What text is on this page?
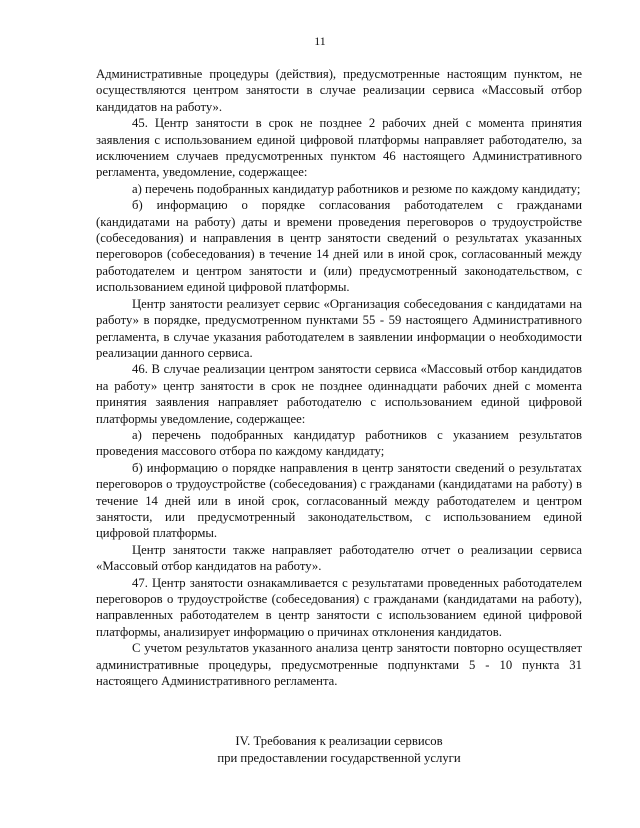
11

Административные процедуры (действия), предусмотренные настоящим пунктом, не осуществляются центром занятости в случае реализации сервиса «Массовый отбор кандидатов на работу».

45. Центр занятости в срок не позднее 2 рабочих дней с момента принятия заявления с использованием единой цифровой платформы направляет работодателю, за исключением случаев предусмотренных пунктом 46 настоящего Административного регламента, уведомление, содержащее:

а) перечень подобранных кандидатур работников и резюме по каждому кандидату;

б) информацию о порядке согласования работодателем с гражданами (кандидатами на работу) даты и времени проведения переговоров о трудоустройстве (собеседования) и направления в центр занятости сведений о результатах указанных переговоров (собеседования) в течение 14 дней или в иной срок, согласованный между работодателем и центром занятости и (или) предусмотренный законодательством, с использованием единой цифровой платформы.

Центр занятости реализует сервис «Организация собеседования с кандидатами на работу» в порядке, предусмотренном пунктами 55 - 59 настоящего Административного регламента, в случае указания работодателем в заявлении информации о необходимости реализации данного сервиса.

46. В случае реализации центром занятости сервиса «Массовый отбор кандидатов на работу» центр занятости в срок не позднее одиннадцати рабочих дней с момента принятия заявления направляет работодателю с использованием единой цифровой платформы уведомление, содержащее:

а) перечень подобранных кандидатур работников с указанием результатов проведения массового отбора по каждому кандидату;

б) информацию о порядке направления в центр занятости сведений о результатах переговоров о трудоустройстве (собеседования) с гражданами (кандидатами на работу) в течение 14 дней или в иной срок, согласованный между работодателем и центром занятости, или предусмотренный законодательством, с использованием единой цифровой платформы.

Центр занятости также направляет работодателю отчет о реализации сервиса «Массовый отбор кандидатов на работу».

47. Центр занятости ознакамливается с результатами проведенных работодателем переговоров о трудоустройстве (собеседования) с гражданами (кандидатами на работу), направленных работодателем в центр занятости с использованием единой цифровой платформы, анализирует информацию о причинах отклонения кандидатов.

С учетом результатов указанного анализа центр занятости повторно осуществляет административные процедуры, предусмотренные подпунктами 5 - 10 пункта 31 настоящего Административного регламента.

IV. Требования к реализации сервисов
при предоставлении государственной услуги
